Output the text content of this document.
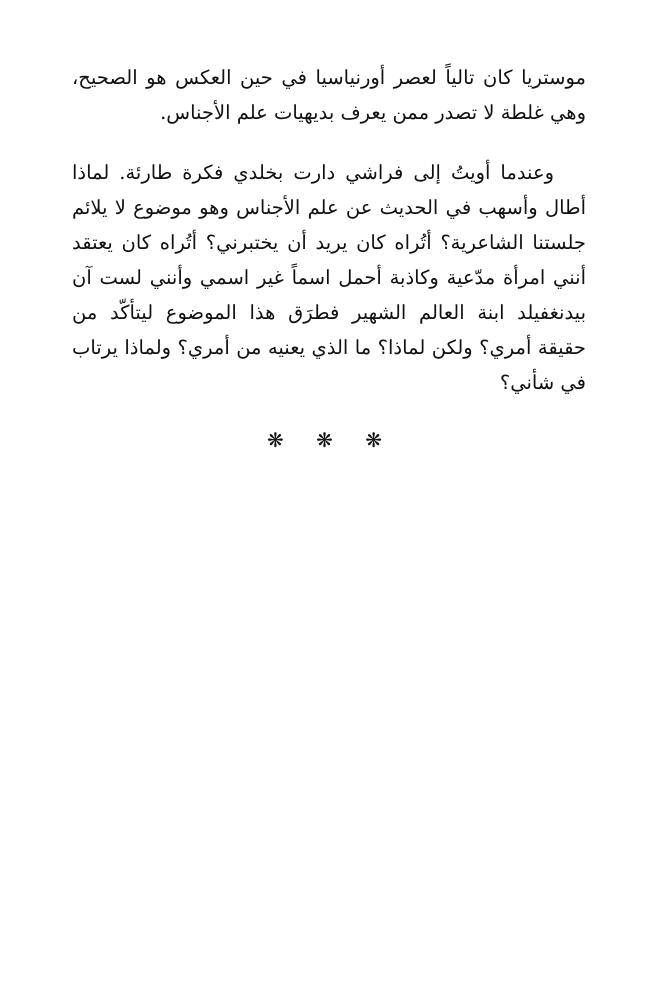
موستريا كان تالياً لعصر أورنياسيا في حين العكس هو الصحيح، وهي غلطة لا تصدر ممن يعرف بديهيات علم الأجناس.

وعندما أويتُ إلى فراشي دارت بخلدي فكرة طارئة. لماذا أطال وأسهب في الحديث عن علم الأجناس وهو موضوع لا يلائم جلستنا الشاعرية؟ أتُراه كان يريد أن يختبرني؟ أتُراه كان يعتقد أنني امرأة مدّعية وكاذبة أحمل اسماً غير اسمي وأنني لست آن بيدنغفيلد ابنة العالم الشهير فطرَق هذا الموضوع ليتأكّد من حقيقة أمري؟ ولكن لماذا؟ ما الذي يعنيه من أمري؟ ولماذا يرتاب في شأني؟

❋ ❋ ❋
